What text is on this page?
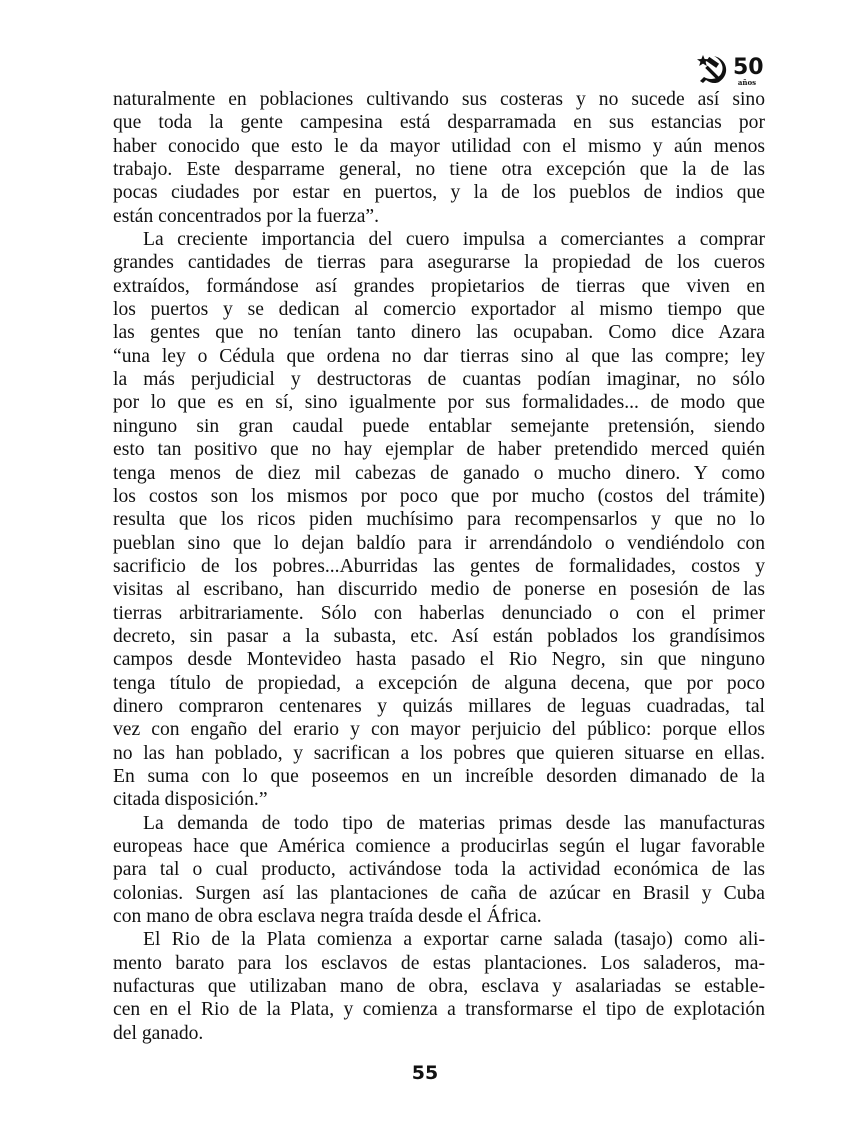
50
años
naturalmente en poblaciones cultivando sus costeras y no sucede así sino
que toda la gente campesina está desparramada en sus estancias por
haber conocido que esto le da mayor utilidad con el mismo y aún menos
trabajo. Este desparrame general, no tiene otra excepción que la de las
pocas ciudades por estar en puertos, y la de los pueblos de indios que
están concentrados por la fuerza”.
La creciente importancia del cuero impulsa a comerciantes a comprar
grandes cantidades de tierras para asegurarse la propiedad de los cueros
extraídos, formándose así grandes propietarios de tierras que viven en
los puertos y se dedican al comercio exportador al mismo tiempo que
las gentes que no tenían tanto dinero las ocupaban. Como dice Azara
“una ley o Cédula que ordena no dar tierras sino al que las compre; ley
la más perjudicial y destructoras de cuantas podían imaginar, no sólo
por lo que es en sí, sino igualmente por sus formalidades... de modo que
ninguno sin gran caudal puede entablar semejante pretensión, siendo
esto tan positivo que no hay ejemplar de haber pretendido merced quién
tenga menos de diez mil cabezas de ganado o mucho dinero. Y como
los costos son los mismos por poco que por mucho (costos del trámite)
resulta que los ricos piden muchísimo para recompensarlos y que no lo
pueblan sino que lo dejan baldío para ir arrendándolo o vendiéndolo con
sacrificio de los pobres...Aburridas las gentes de formalidades, costos y
visitas al escribano, han discurrido medio de ponerse en posesión de las
tierras arbitrariamente. Sólo con haberlas denunciado o con el primer
decreto, sin pasar a la subasta, etc. Así están poblados los grandísimos
campos desde Montevideo hasta pasado el Rio Negro, sin que ninguno
tenga título de propiedad, a excepción de alguna decena, que por poco
dinero compraron centenares y quizás millares de leguas cuadradas, tal
vez con engaño del erario y con mayor perjuicio del público: porque ellos
no las han poblado, y sacrifican a los pobres que quieren situarse en ellas.
En suma con lo que poseemos en un increíble desorden dimanado de la
citada disposición.”
La demanda de todo tipo de materias primas desde las manufacturas
europeas hace que América comience a producirlas según el lugar favorable
para tal o cual producto, activándose toda la actividad económica de las
colonias. Surgen así las plantaciones de caña de azúcar en Brasil y Cuba
con mano de obra esclava negra traída desde el África.
El Rio de la Plata comienza a exportar carne salada (tasajo) como ali-
mento barato para los esclavos de estas plantaciones. Los saladeros, ma-
nufacturas que utilizaban mano de obra, esclava y asalariadas se estable-
cen en el Rio de la Plata, y comienza a transformarse el tipo de explotación
del ganado.
55
